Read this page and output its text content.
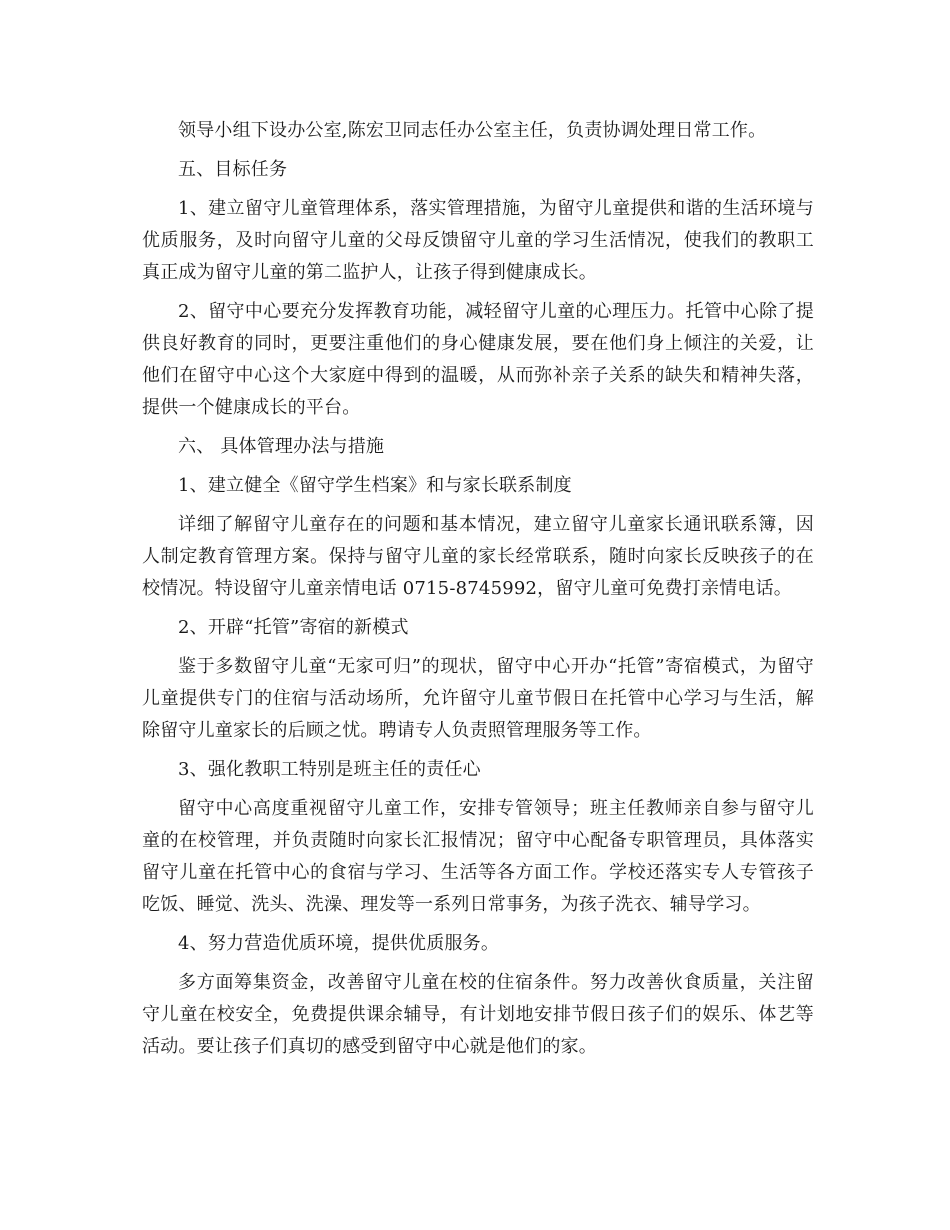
领导小组下设办公室,陈宏卫同志任办公室主任，负责协调处理日常工作。

五、目标任务

1、建立留守儿童管理体系，落实管理措施，为留守儿童提供和谐的生活环境与优质服务，及时向留守儿童的父母反馈留守儿童的学习生活情况，使我们的教职工真正成为留守儿童的第二监护人，让孩子得到健康成长。

2、留守中心要充分发挥教育功能，减轻留守儿童的心理压力。托管中心除了提供良好教育的同时，更要注重他们的身心健康发展，要在他们身上倾注的关爱，让他们在留守中心这个大家庭中得到的温暖，从而弥补亲子关系的缺失和精神失落，提供一个健康成长的平台。

六、 具体管理办法与措施

1、建立健全《留守学生档案》和与家长联系制度

详细了解留守儿童存在的问题和基本情况，建立留守儿童家长通讯联系簿，因人制定教育管理方案。保持与留守儿童的家长经常联系，随时向家长反映孩子的在校情况。特设留守儿童亲情电话 0715-8745992，留守儿童可免费打亲情电话。

2、开辟“托管”寄宿的新模式

鉴于多数留守儿童“无家可归”的现状，留守中心开办“托管”寄宿模式，为留守儿童提供专门的住宿与活动场所，允许留守儿童节假日在托管中心学习与生活，解除留守儿童家长的后顾之忧。聘请专人负责照管理服务等工作。

3、强化教职工特别是班主任的责任心

留守中心高度重视留守儿童工作，安排专管领导；班主任教师亲自参与留守儿童的在校管理，并负责随时向家长汇报情况；留守中心配备专职管理员，具体落实留守儿童在托管中心的食宿与学习、生活等各方面工作。学校还落实专人专管孩子吃饭、睡觉、洗头、洗澡、理发等一系列日常事务，为孩子洗衣、辅导学习。

4、努力营造优质环境，提供优质服务。

多方面筹集资金，改善留守儿童在校的住宿条件。努力改善伙食质量，关注留守儿童在校安全，免费提供课余辅导，有计划地安排节假日孩子们的娱乐、体艺等活动。要让孩子们真切的感受到留守中心就是他们的家。
